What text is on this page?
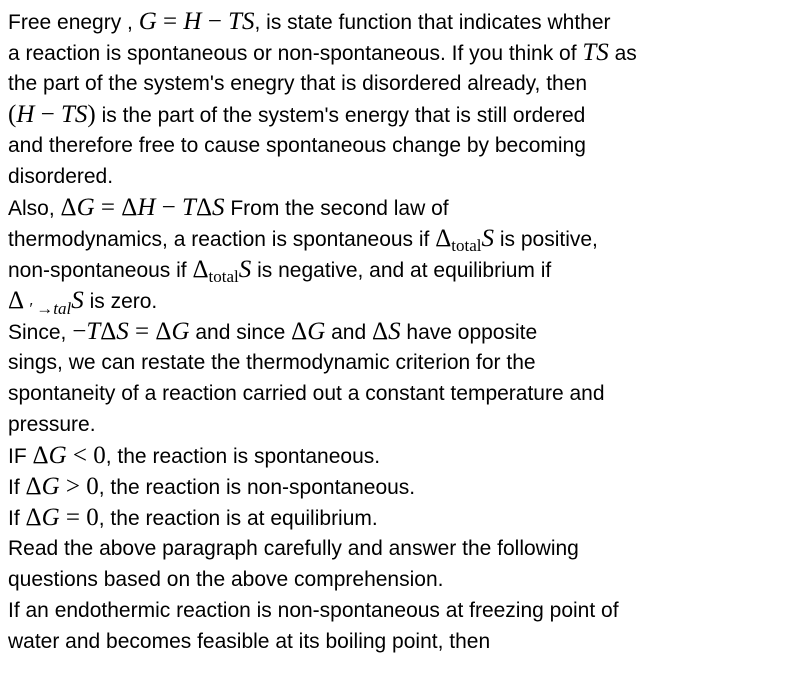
Free enegry , G = H − TS, is state function that indicates whther
a reaction is spontaneous or non-spontaneous. If you think of TS as
the part of the system's enegry that is disordered already, then
(H − TS) is the part of the system's energy that is still ordered
and therefore free to cause spontaneous change by becoming
disordered.
Also, ΔG = ΔH − TΔS From the second law of
thermodynamics, a reaction is spontaneous if $\Delta_{total}S$ is positive,
non-spontaneous if $\Delta_{total}S$ is negative, and at equilibrium if
Δ $_{' \to tal}$S is zero.
Since, −TΔS = ΔG and since ΔG and ΔS have opposite
sings, we can restate the thermodynamic criterion for the
spontaneity of a reaction carried out a constant temperature and
pressure.
IF ΔG < 0, the reaction is spontaneous.
If ΔG > 0, the reaction is non-spontaneous.
If ΔG = 0, the reaction is at equilibrium.
Read the above paragraph carefully and answer the following
questions based on the above comprehension.
If an endothermic reaction is non-spontaneous at freezing point of
water and becomes feasible at its boiling point, then
